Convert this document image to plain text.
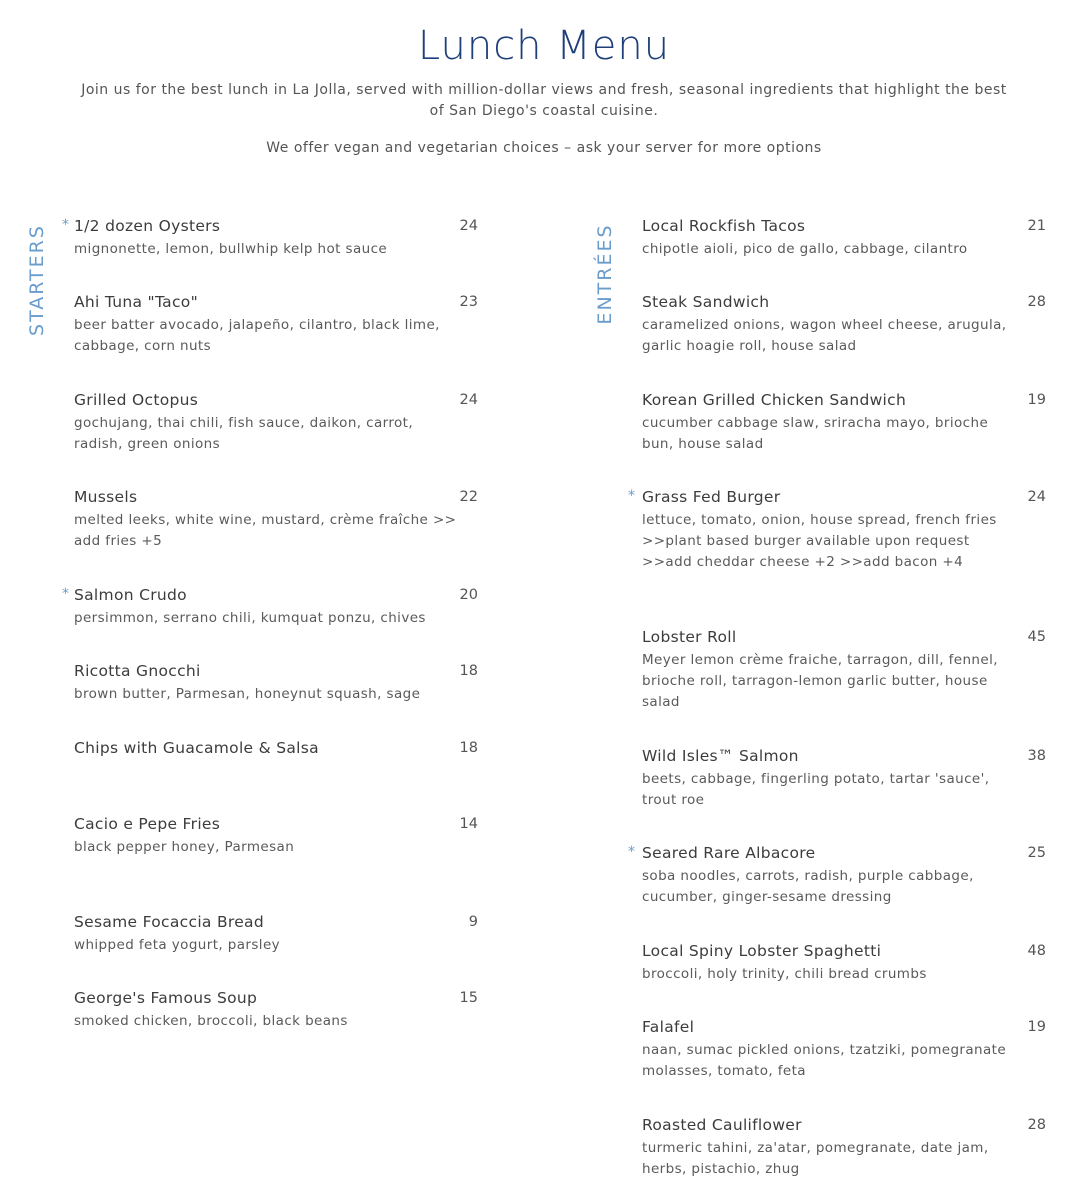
Lunch Menu
Join us for the best lunch in La Jolla, served with million-dollar views and fresh, seasonal ingredients that highlight the best of San Diego's coastal cuisine.
We offer vegan and vegetarian choices – ask your server for more options
STARTERS	ENTRÉES
* 1/2 dozen Oysters	24
mignonette, lemon, bullwhip kelp hot sauce
Ahi Tuna "Taco"	23
beer batter avocado, jalapeño, cilantro, black lime, cabbage, corn nuts
Grilled Octopus	24
gochujang, thai chili, fish sauce, daikon, carrot, radish, green onions
Mussels	22
melted leeks, white wine, mustard, crème fraîche >> add fries +5
* Salmon Crudo	20
persimmon, serrano chili, kumquat ponzu, chives
Ricotta Gnocchi	18
brown butter, Parmesan, honeynut squash, sage
Chips with Guacamole & Salsa	18
Cacio e Pepe Fries	14
black pepper honey, Parmesan
Sesame Focaccia Bread	9
whipped feta yogurt, parsley
George's Famous Soup	15
smoked chicken, broccoli, black beans
Local Rockfish Tacos	21
chipotle aioli, pico de gallo, cabbage, cilantro
Steak Sandwich	28
caramelized onions, wagon wheel cheese, arugula, garlic hoagie roll, house salad
Korean Grilled Chicken Sandwich	19
cucumber cabbage slaw, sriracha mayo, brioche bun, house salad
* Grass Fed Burger	24
lettuce, tomato, onion, house spread, french fries >>plant based burger available upon request >>add cheddar cheese +2 >>add bacon +4
Lobster Roll	45
Meyer lemon crème fraiche, tarragon, dill, fennel, brioche roll, tarragon-lemon garlic butter, house salad
Wild Isles™ Salmon	38
beets, cabbage, fingerling potato, tartar 'sauce', trout roe
* Seared Rare Albacore	25
soba noodles, carrots, radish, purple cabbage, cucumber, ginger-sesame dressing
Local Spiny Lobster Spaghetti	48
broccoli, holy trinity, chili bread crumbs
Falafel	19
naan, sumac pickled onions, tzatziki, pomegranate molasses, tomato, feta
Roasted Cauliflower	28
turmeric tahini, za'atar, pomegranate, date jam, herbs, pistachio, zhug
